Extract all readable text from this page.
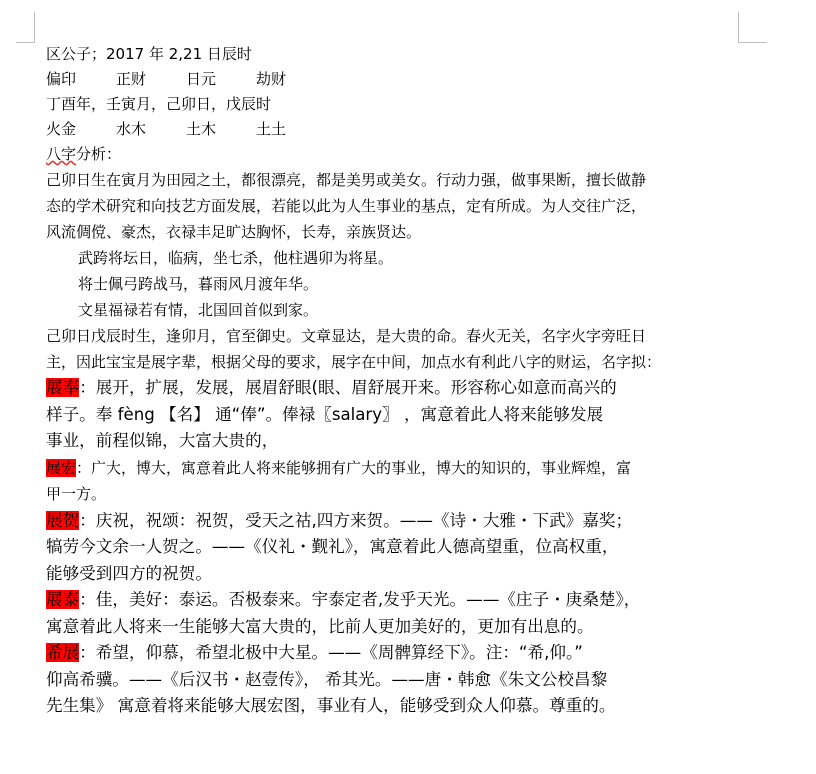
区公子；2017 年 2,21 日辰时
偏印	正财	日元	劫财
丁酉年，壬寅月，己卯日，戊辰时
火金	水木	土木	土土
八字分析：
己卯日生在寅月为田园之土，都很漂亮，都是美男或美女。行动力强，做事果断，擅长做静
态的学术研究和向技艺方面发展，若能以此为人生事业的基点，定有所成。为人交往广泛，
风流倜傥、豪杰，衣禄丰足旷达胸怀，长寿，亲族贤达。
武跨将坛日，临病，坐七杀，他柱遇卯为将星。
将士佩弓跨战马，暮雨风月渡年华。
文星福禄若有情，北国回首似到家。
己卯日戊辰时生，逢卯月，官至御史。文章显达，是大贵的命。春火无关，名字火字旁旺日
主，因此宝宝是展字辈，根据父母的要求，展字在中间，加点水有利此八字的财运，名字拟：
展奉：展开，扩展，发展，展眉舒眼(眼、眉舒展开来。形容称心如意而高兴的
样子。奉 fèng 【名】 通“俸”。俸禄〖salary〗 ，寓意着此人将来能够发展
事业，前程似锦，大富大贵的，
展宏：广大，博大，寓意着此人将来能够拥有广大的事业，博大的知识的，事业辉煌，富
甲一方。
展贺：庆祝，祝颂：祝贺，受天之祜,四方来贺。——《诗・大雅・下武》嘉奖；
犒劳今文余一人贺之。——《仪礼・觐礼》，寓意着此人德高望重，位高权重，
能够受到四方的祝贺。
展泰：佳，美好：泰运。否极泰来。宇泰定者,发乎天光。——《庄子・庚桑楚》，
寓意着此人将来一生能够大富大贵的，比前人更加美好的，更加有出息的。
希展：希望，仰慕，希望北极中大星。——《周髀算经下》。注：“希,仰。”
仰高希骥。——《后汉书・赵壹传》， 希其光。——唐・韩愈《朱文公校昌黎
先生集》 寓意着将来能够大展宏图，事业有人，能够受到众人仰慕。尊重的。
